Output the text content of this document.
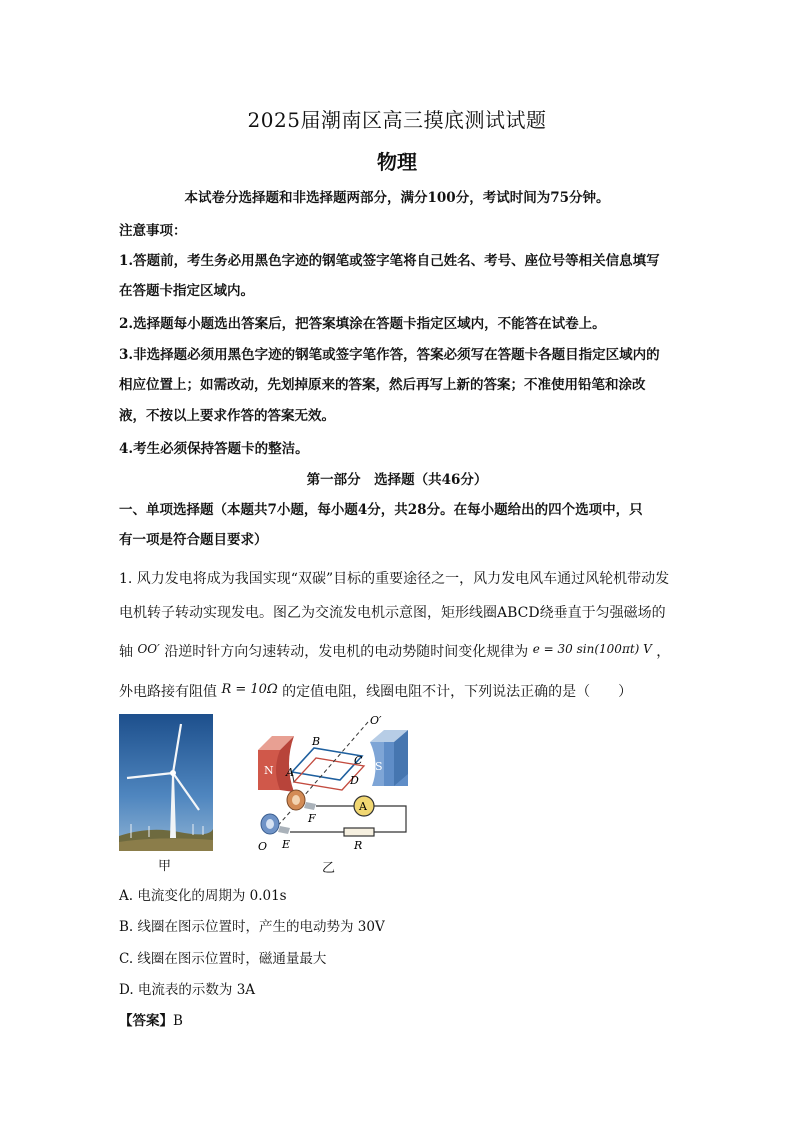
2025届潮南区高三摸底测试试题
物理
本试卷分选择题和非选择题两部分，满分100分，考试时间为75分钟。
注意事项：
1.答题前，考生务必用黑色字迹的钢笔或签字笔将自己姓名、考号、座位号等相关信息填写
在答题卡指定区域内。
2.选择题每小题选出答案后，把答案填涂在答题卡指定区域内，不能答在试卷上。
3.非选择题必须用黑色字迹的钢笔或签字笔作答，答案必须写在答题卡各题目指定区域内的
相应位置上；如需改动，先划掉原来的答案，然后再写上新的答案；不准使用铅笔和涂改
液，不按以上要求作答的答案无效。
4.考生必须保持答题卡的整洁。
第一部分　选择题（共46分）
一、单项选择题（本题共7小题，每小题4分，共28分。在每小题给出的四个选项中，只
有一项是符合题目要求）
1. 风力发电将成为我国实现“双碳”目标的重要途径之一，风力发电风车通过风轮机带动发
电机转子转动实现发电。图乙为交流发电机示意图，矩形线圈ABCD绕垂直于匀强磁场的
轴 OO′ 沿逆时针方向匀速转动，发电机的电动势随时间变化规律为 e = 30 sin(100πt) V ，
外电路接有阻值 R = 10Ω 的定值电阻，线圈电阻不计，下列说法正确的是（　　）
甲
N	S
O′
B
C
A
D
F
E
O
A
R
乙
A. 电流变化的周期为 0.01s
B. 线圈在图示位置时，产生的电动势为 30V
C. 线圈在图示位置时，磁通量最大
D. 电流表的示数为 3A
【答案】B
